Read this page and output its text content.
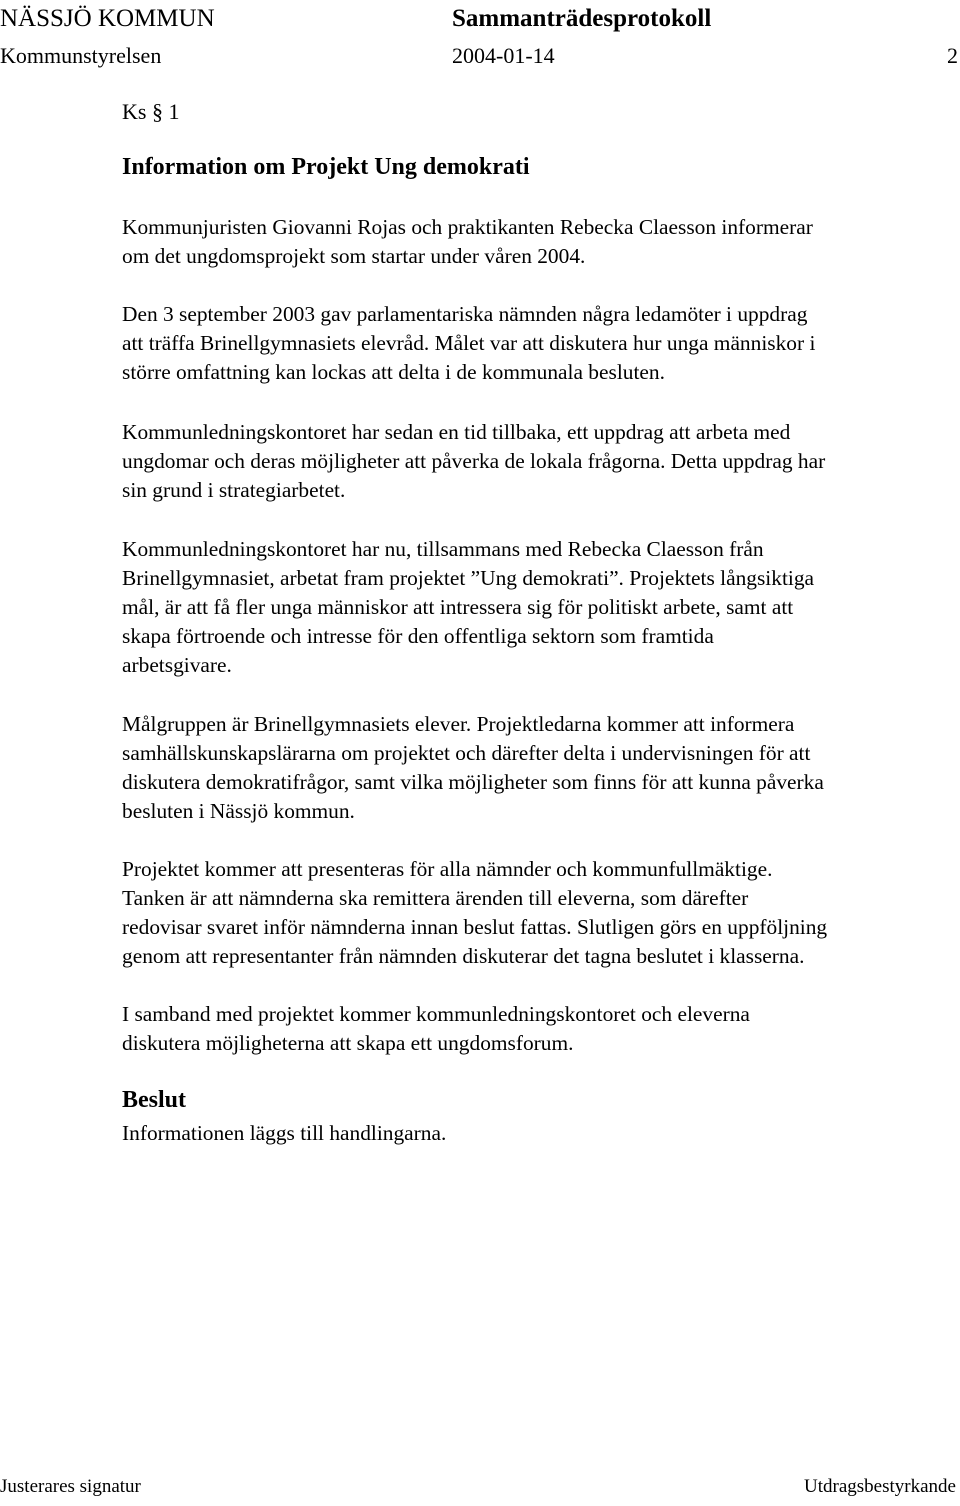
NÄSSJÖ KOMMUN	Sammanträdesprotokoll
Kommunstyrelsen	2004-01-14	2
Ks § 1
Information om Projekt Ung demokrati
Kommunjuristen Giovanni Rojas och praktikanten Rebecka Claesson informerar
om det ungdomsprojekt som startar under våren 2004.
Den 3 september 2003 gav parlamentariska nämnden några ledamöter i uppdrag
att träffa Brinellgymnasiets elevråd. Målet var att diskutera hur unga människor i
större omfattning kan lockas att delta i de kommunala besluten.
Kommunledningskontoret har sedan en tid tillbaka, ett uppdrag att arbeta med
ungdomar och deras möjligheter att påverka de lokala frågorna. Detta uppdrag har
sin grund i strategiarbetet.
Kommunledningskontoret har nu, tillsammans med Rebecka Claesson från
Brinellgymnasiet, arbetat fram projektet ”Ung demokrati”. Projektets långsiktiga
mål, är att få fler unga människor att intressera sig för politiskt arbete, samt att
skapa förtroende och intresse för den offentliga sektorn som framtida
arbetsgivare.
Målgruppen är Brinellgymnasiets elever. Projektledarna kommer att informera
samhällskunskapslärarna om projektet och därefter delta i undervisningen för att
diskutera demokratifrågor, samt vilka möjligheter som finns för att kunna påverka
besluten i Nässjö kommun.
Projektet kommer att presenteras för alla nämnder och kommunfullmäktige.
Tanken är att nämnderna ska remittera ärenden till eleverna, som därefter
redovisar svaret inför nämnderna innan beslut fattas. Slutligen görs en uppföljning
genom att representanter från nämnden diskuterar det tagna beslutet i klasserna.
I samband med projektet kommer kommunledningskontoret och eleverna
diskutera möjligheterna att skapa ett ungdomsforum.
Beslut
Informationen läggs till handlingarna.
Justerares signatur	Utdragsbestyrkande
